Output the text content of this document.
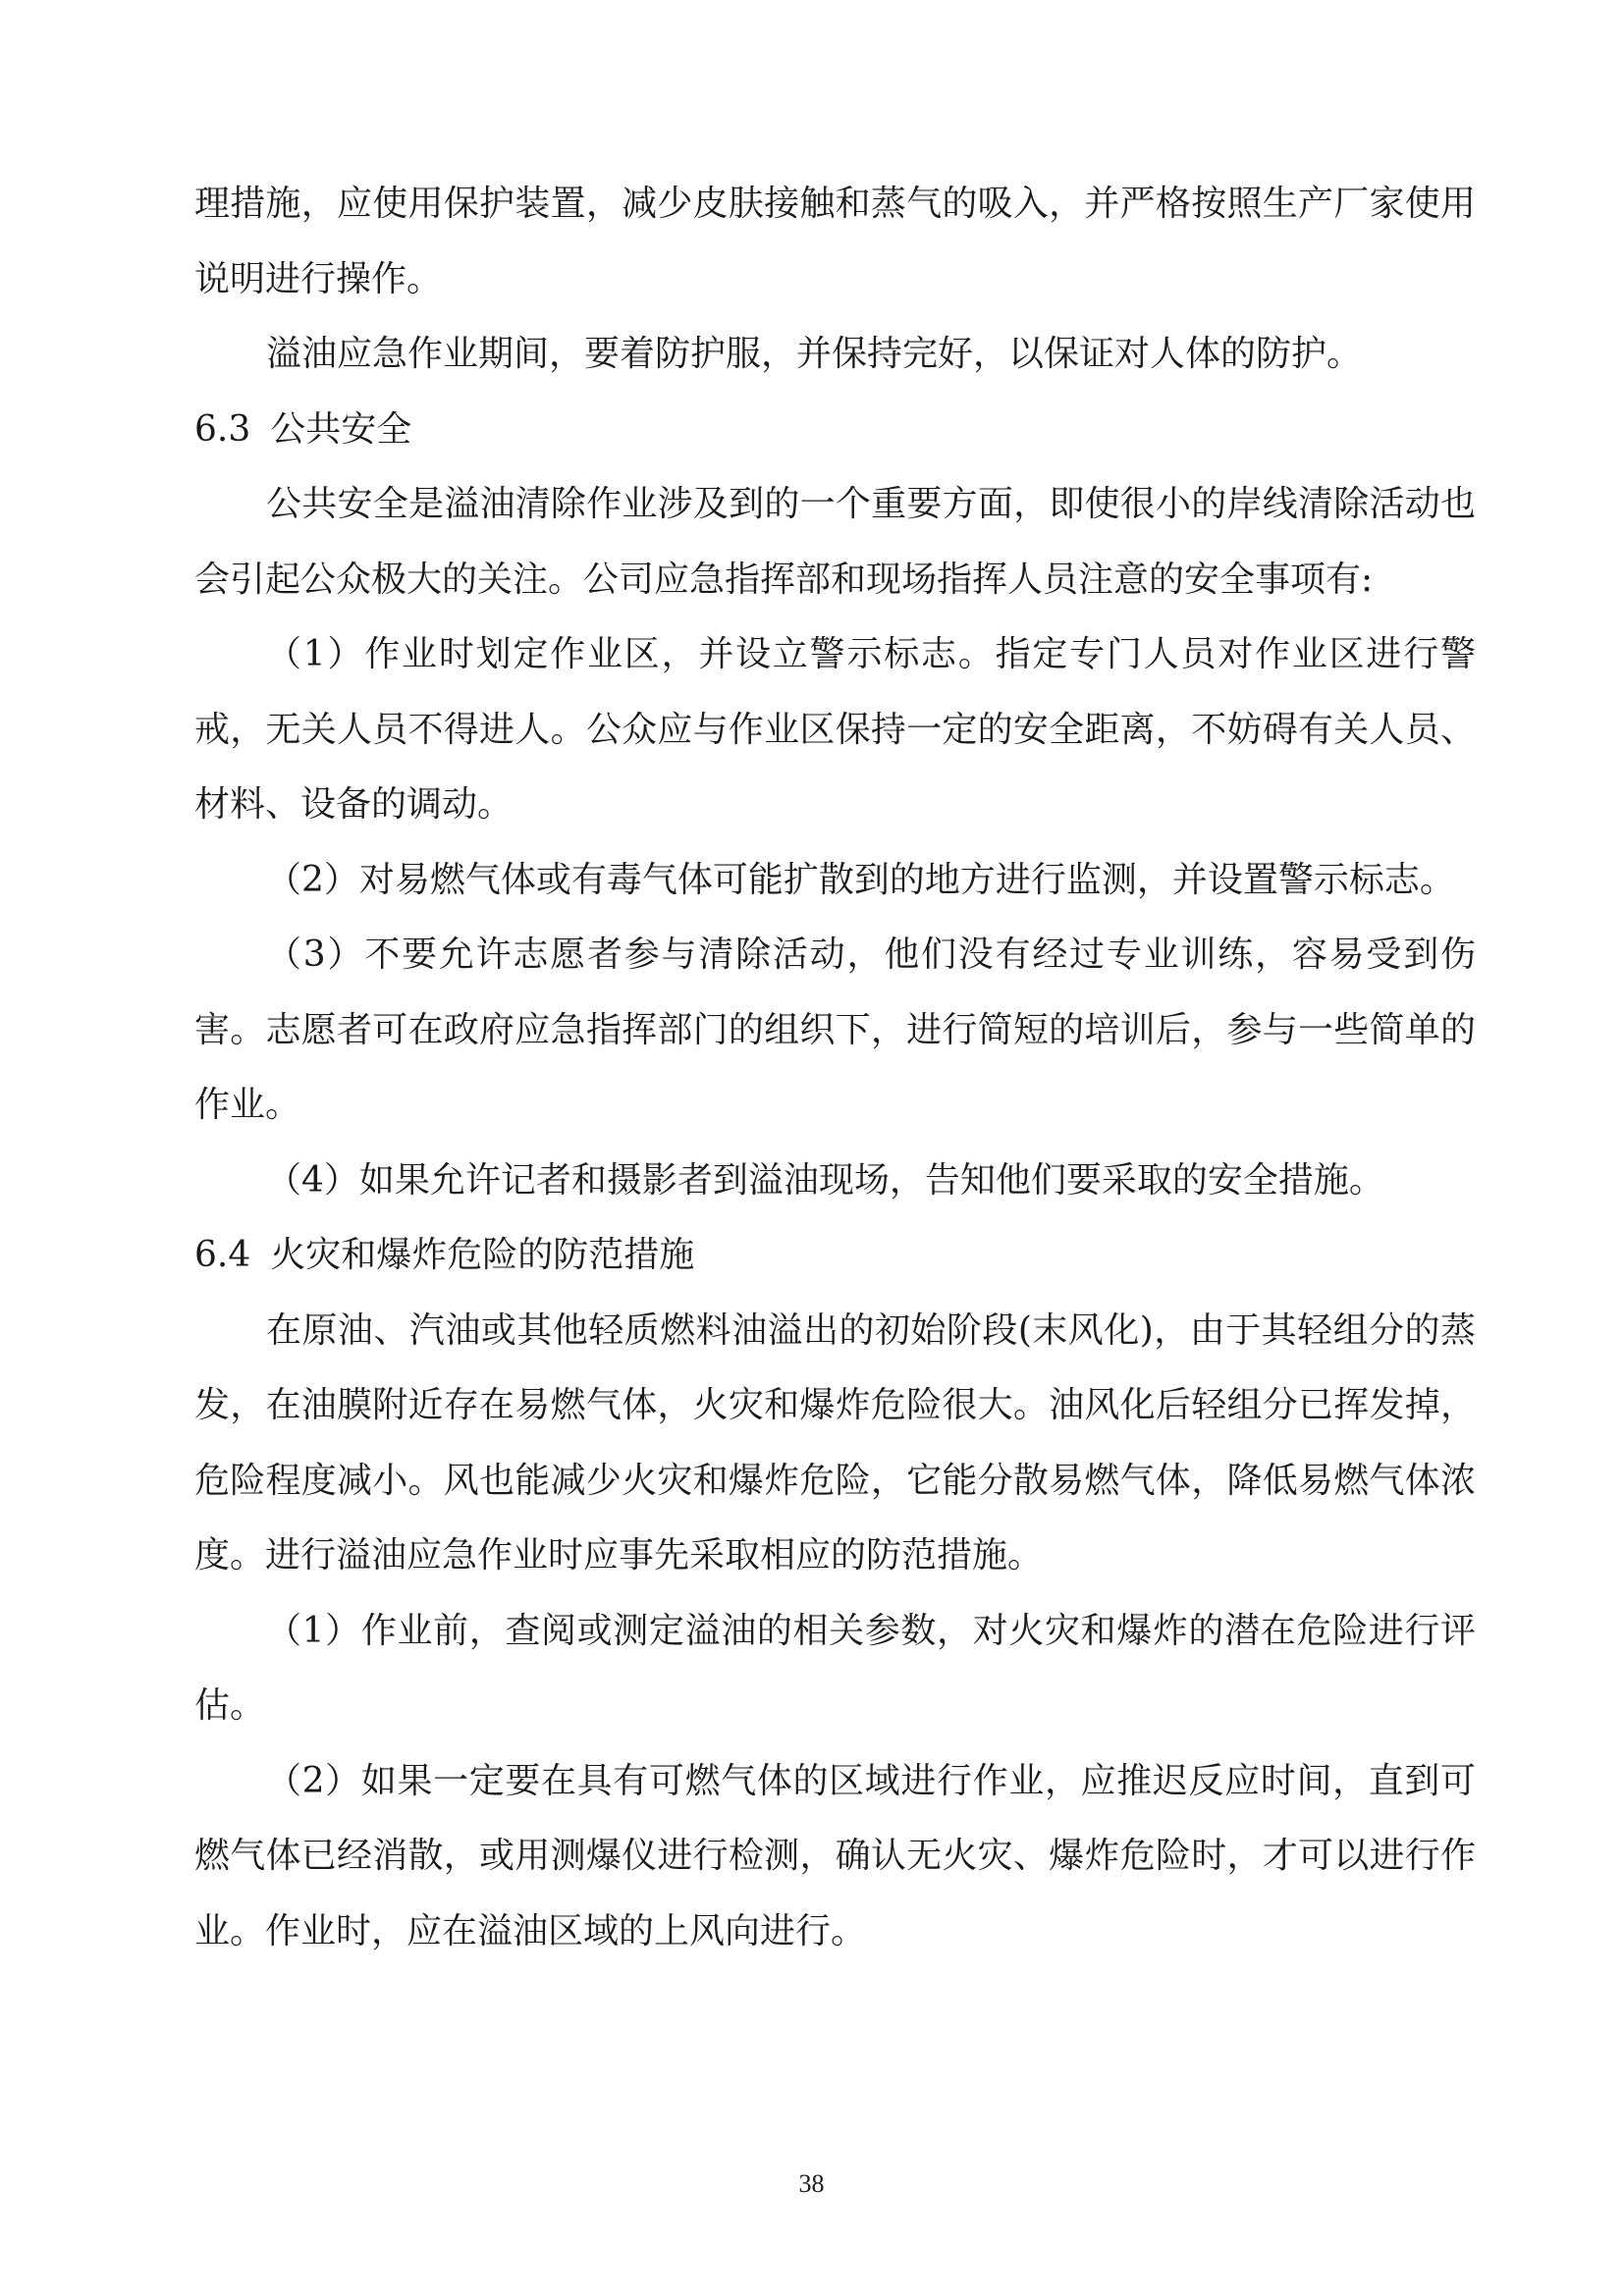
理措施，应使用保护装置，减少皮肤接触和蒸气的吸入，并严格按照生产厂家使用说明进行操作。

溢油应急作业期间，要着防护服，并保持完好，以保证对人体的防护。

6.3 公共安全

公共安全是溢油清除作业涉及到的一个重要方面，即使很小的岸线清除活动也会引起公众极大的关注。公司应急指挥部和现场指挥人员注意的安全事项有:

（1）作业时划定作业区，并设立警示标志。指定专门人员对作业区进行警戒，无关人员不得进人。公众应与作业区保持一定的安全距离，不妨碍有关人员、材料、设备的调动。

（2）对易燃气体或有毒气体可能扩散到的地方进行监测，并设置警示标志。

（3）不要允许志愿者参与清除活动，他们没有经过专业训练，容易受到伤害。志愿者可在政府应急指挥部门的组织下，进行简短的培训后，参与一些简单的作业。

（4）如果允许记者和摄影者到溢油现场，告知他们要采取的安全措施。

6.4 火灾和爆炸危险的防范措施

在原油、汽油或其他轻质燃料油溢出的初始阶段(末风化)，由于其轻组分的蒸发，在油膜附近存在易燃气体，火灾和爆炸危险很大。油风化后轻组分已挥发掉，危险程度减小。风也能减少火灾和爆炸危险，它能分散易燃气体，降低易燃气体浓度。进行溢油应急作业时应事先采取相应的防范措施。

（1）作业前，查阅或测定溢油的相关参数，对火灾和爆炸的潜在危险进行评估。

（2）如果一定要在具有可燃气体的区域进行作业，应推迟反应时间，直到可燃气体已经消散，或用测爆仪进行检测，确认无火灾、爆炸危险时，才可以进行作业。作业时，应在溢油区域的上风向进行。

38
